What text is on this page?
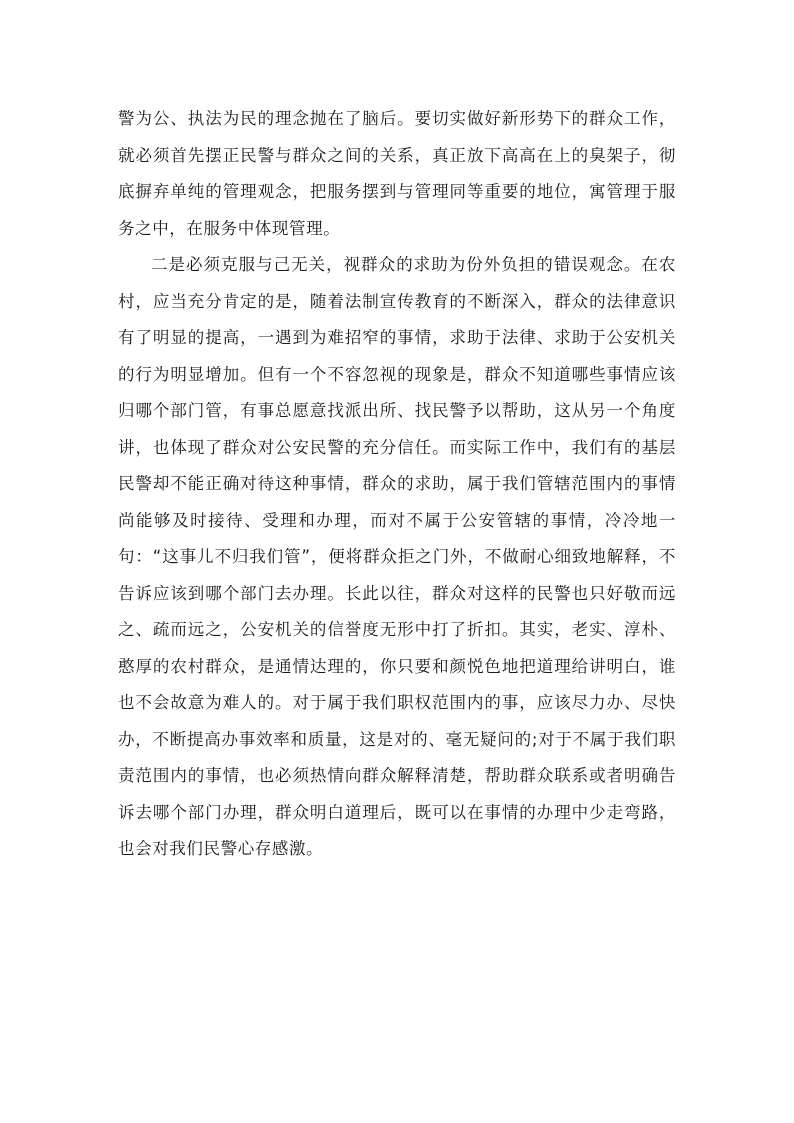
警为公、执法为民的理念抛在了脑后。要切实做好新形势下的群众工作，就必须首先摆正民警与群众之间的关系，真正放下高高在上的臭架子，彻底摒弃单纯的管理观念，把服务摆到与管理同等重要的地位，寓管理于服务之中，在服务中体现管理。

二是必须克服与己无关，视群众的求助为份外负担的错误观念。在农村，应当充分肯定的是，随着法制宣传教育的不断深入，群众的法律意识有了明显的提高，一遇到为难招窄的事情，求助于法律、求助于公安机关的行为明显增加。但有一个不容忽视的现象是，群众不知道哪些事情应该归哪个部门管，有事总愿意找派出所、找民警予以帮助，这从另一个角度讲，也体现了群众对公安民警的充分信任。而实际工作中，我们有的基层民警却不能正确对待这种事情，群众的求助，属于我们管辖范围内的事情尚能够及时接待、受理和办理，而对不属于公安管辖的事情，冷冷地一句：“这事儿不归我们管”，便将群众拒之门外，不做耐心细致地解释，不告诉应该到哪个部门去办理。长此以往，群众对这样的民警也只好敬而远之、疏而远之，公安机关的信誉度无形中打了折扣。其实，老实、淳朴、憨厚的农村群众，是通情达理的，你只要和颜悦色地把道理给讲明白，谁也不会故意为难人的。对于属于我们职权范围内的事，应该尽力办、尽快办，不断提高办事效率和质量，这是对的、毫无疑问的;对于不属于我们职责范围内的事情，也必须热情向群众解释清楚，帮助群众联系或者明确告诉去哪个部门办理，群众明白道理后，既可以在事情的办理中少走弯路，也会对我们民警心存感激。
